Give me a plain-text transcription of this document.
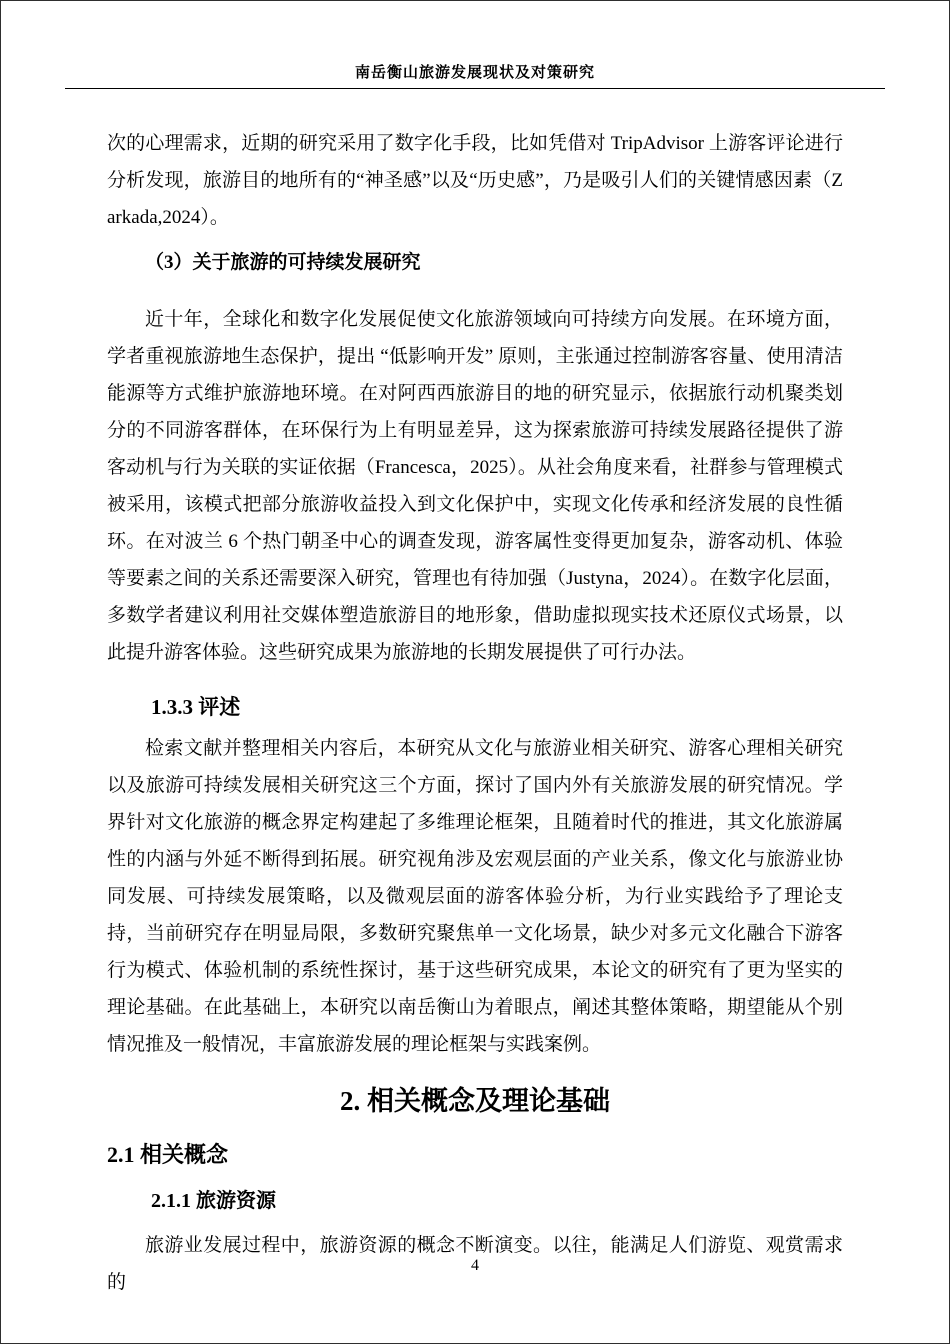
南岳衡山旅游发展现状及对策研究

次的心理需求，近期的研究采用了数字化手段，比如凭借对 TripAdvisor 上游客评论进行分析发现，旅游目的地所有的“神圣感”以及“历史感”，乃是吸引人们的关键情感因素（Zarkada,2024）。

（3）关于旅游的可持续发展研究

近十年，全球化和数字化发展促使文化旅游领域向可持续方向发展。在环境方面，学者重视旅游地生态保护，提出 “低影响开发” 原则，主张通过控制游客容量、使用清洁能源等方式维护旅游地环境。在对阿西西旅游目的地的研究显示，依据旅行动机聚类划分的不同游客群体，在环保行为上有明显差异，这为探索旅游可持续发展路径提供了游客动机与行为关联的实证依据（Francesca，2025）。从社会角度来看，社群参与管理模式被采用，该模式把部分旅游收益投入到文化保护中，实现文化传承和经济发展的良性循环。在对波兰 6 个热门朝圣中心的调查发现，游客属性变得更加复杂，游客动机、体验等要素之间的关系还需要深入研究，管理也有待加强（Justyna，2024）。在数字化层面，多数学者建议利用社交媒体塑造旅游目的地形象，借助虚拟现实技术还原仪式场景，以此提升游客体验。这些研究成果为旅游地的长期发展提供了可行办法。

1.3.3 评述

检索文献并整理相关内容后，本研究从文化与旅游业相关研究、游客心理相关研究以及旅游可持续发展相关研究这三个方面，探讨了国内外有关旅游发展的研究情况。学界针对文化旅游的概念界定构建起了多维理论框架，且随着时代的推进，其文化旅游属性的内涵与外延不断得到拓展。研究视角涉及宏观层面的产业关系，像文化与旅游业协同发展、可持续发展策略，以及微观层面的游客体验分析，为行业实践给予了理论支持，当前研究存在明显局限，多数研究聚焦单一文化场景，缺少对多元文化融合下游客行为模式、体验机制的系统性探讨，基于这些研究成果，本论文的研究有了更为坚实的理论基础。在此基础上，本研究以南岳衡山为着眼点，阐述其整体策略，期望能从个别情况推及一般情况，丰富旅游发展的理论框架与实践案例。

2. 相关概念及理论基础
2.1 相关概念
2.1.1 旅游资源

旅游业发展过程中，旅游资源的概念不断演变。以往，能满足人们游览、观赏需求的

4
